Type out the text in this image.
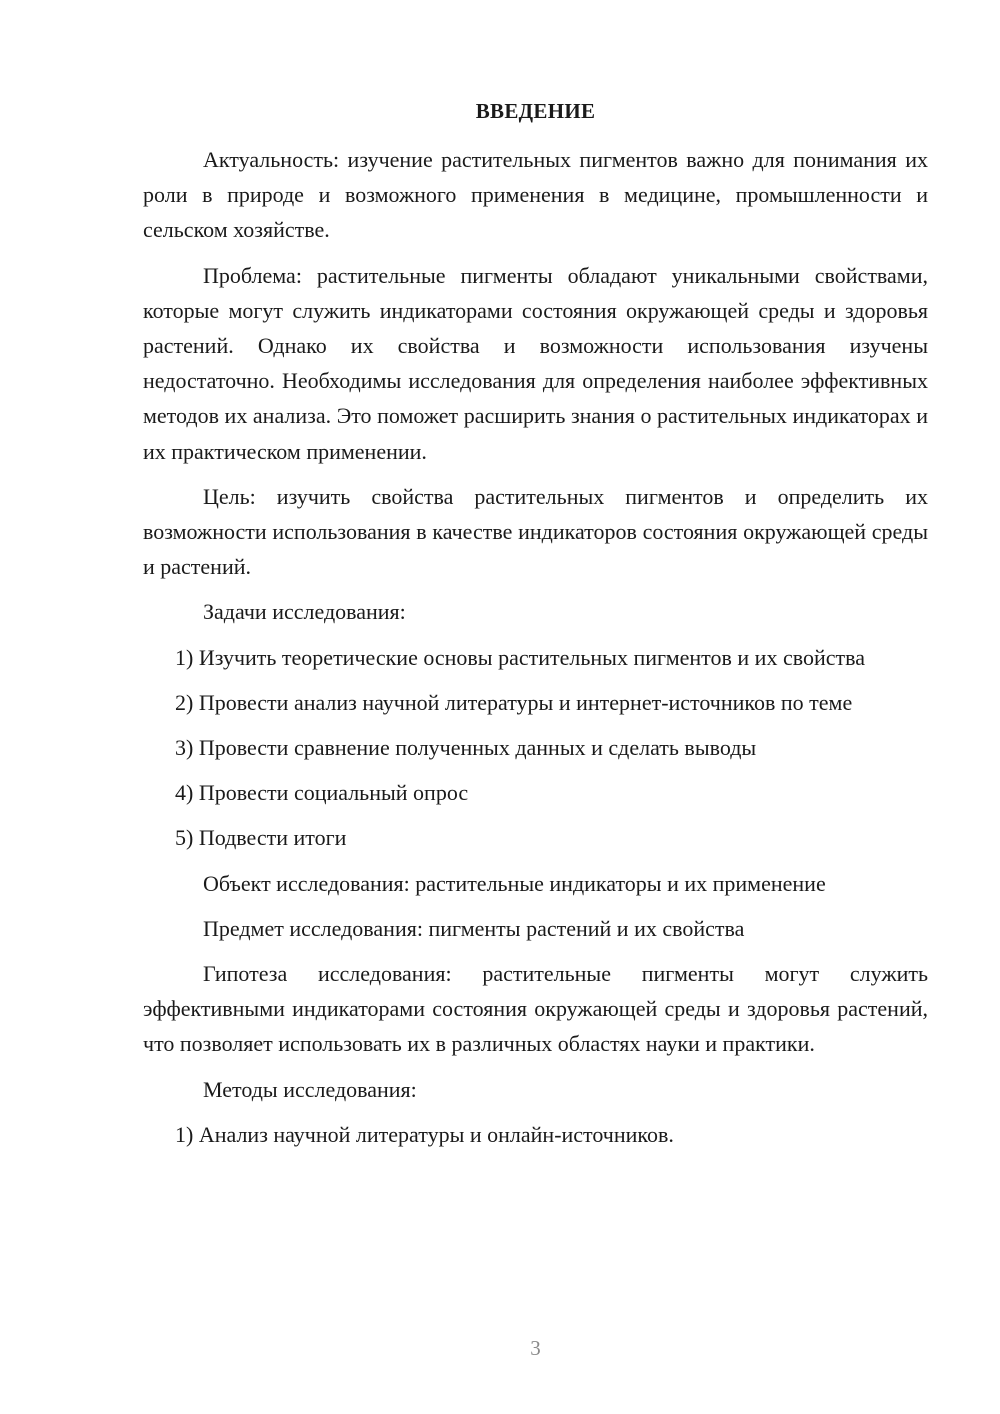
ВВЕДЕНИЕ

Актуальность: изучение растительных пигментов важно для понимания их роли в природе и возможного применения в медицине, промышленности и сельском хозяйстве.

Проблема: растительные пигменты обладают уникальными свойствами, которые могут служить индикаторами состояния окружающей среды и здоровья растений. Однако их свойства и возможности использования изучены недостаточно. Необходимы исследования для определения наиболее эффективных методов их анализа. Это поможет расширить знания о растительных индикаторах и их практическом применении.

Цель: изучить свойства растительных пигментов и определить их возможности использования в качестве индикаторов состояния окружающей среды и растений.

Задачи исследования:

1) Изучить теоретические основы растительных пигментов и их свойства

2) Провести анализ научной литературы и интернет-источников по теме

3) Провести сравнение полученных данных и сделать выводы

4) Провести социальный опрос

5) Подвести итоги

Объект исследования: растительные индикаторы и их применение

Предмет исследования: пигменты растений и их свойства

Гипотеза исследования: растительные пигменты могут служить эффективными индикаторами состояния окружающей среды и здоровья растений, что позволяет использовать их в различных областях науки и практики.

Методы исследования:

1) Анализ научной литературы и онлайн-источников.

3
